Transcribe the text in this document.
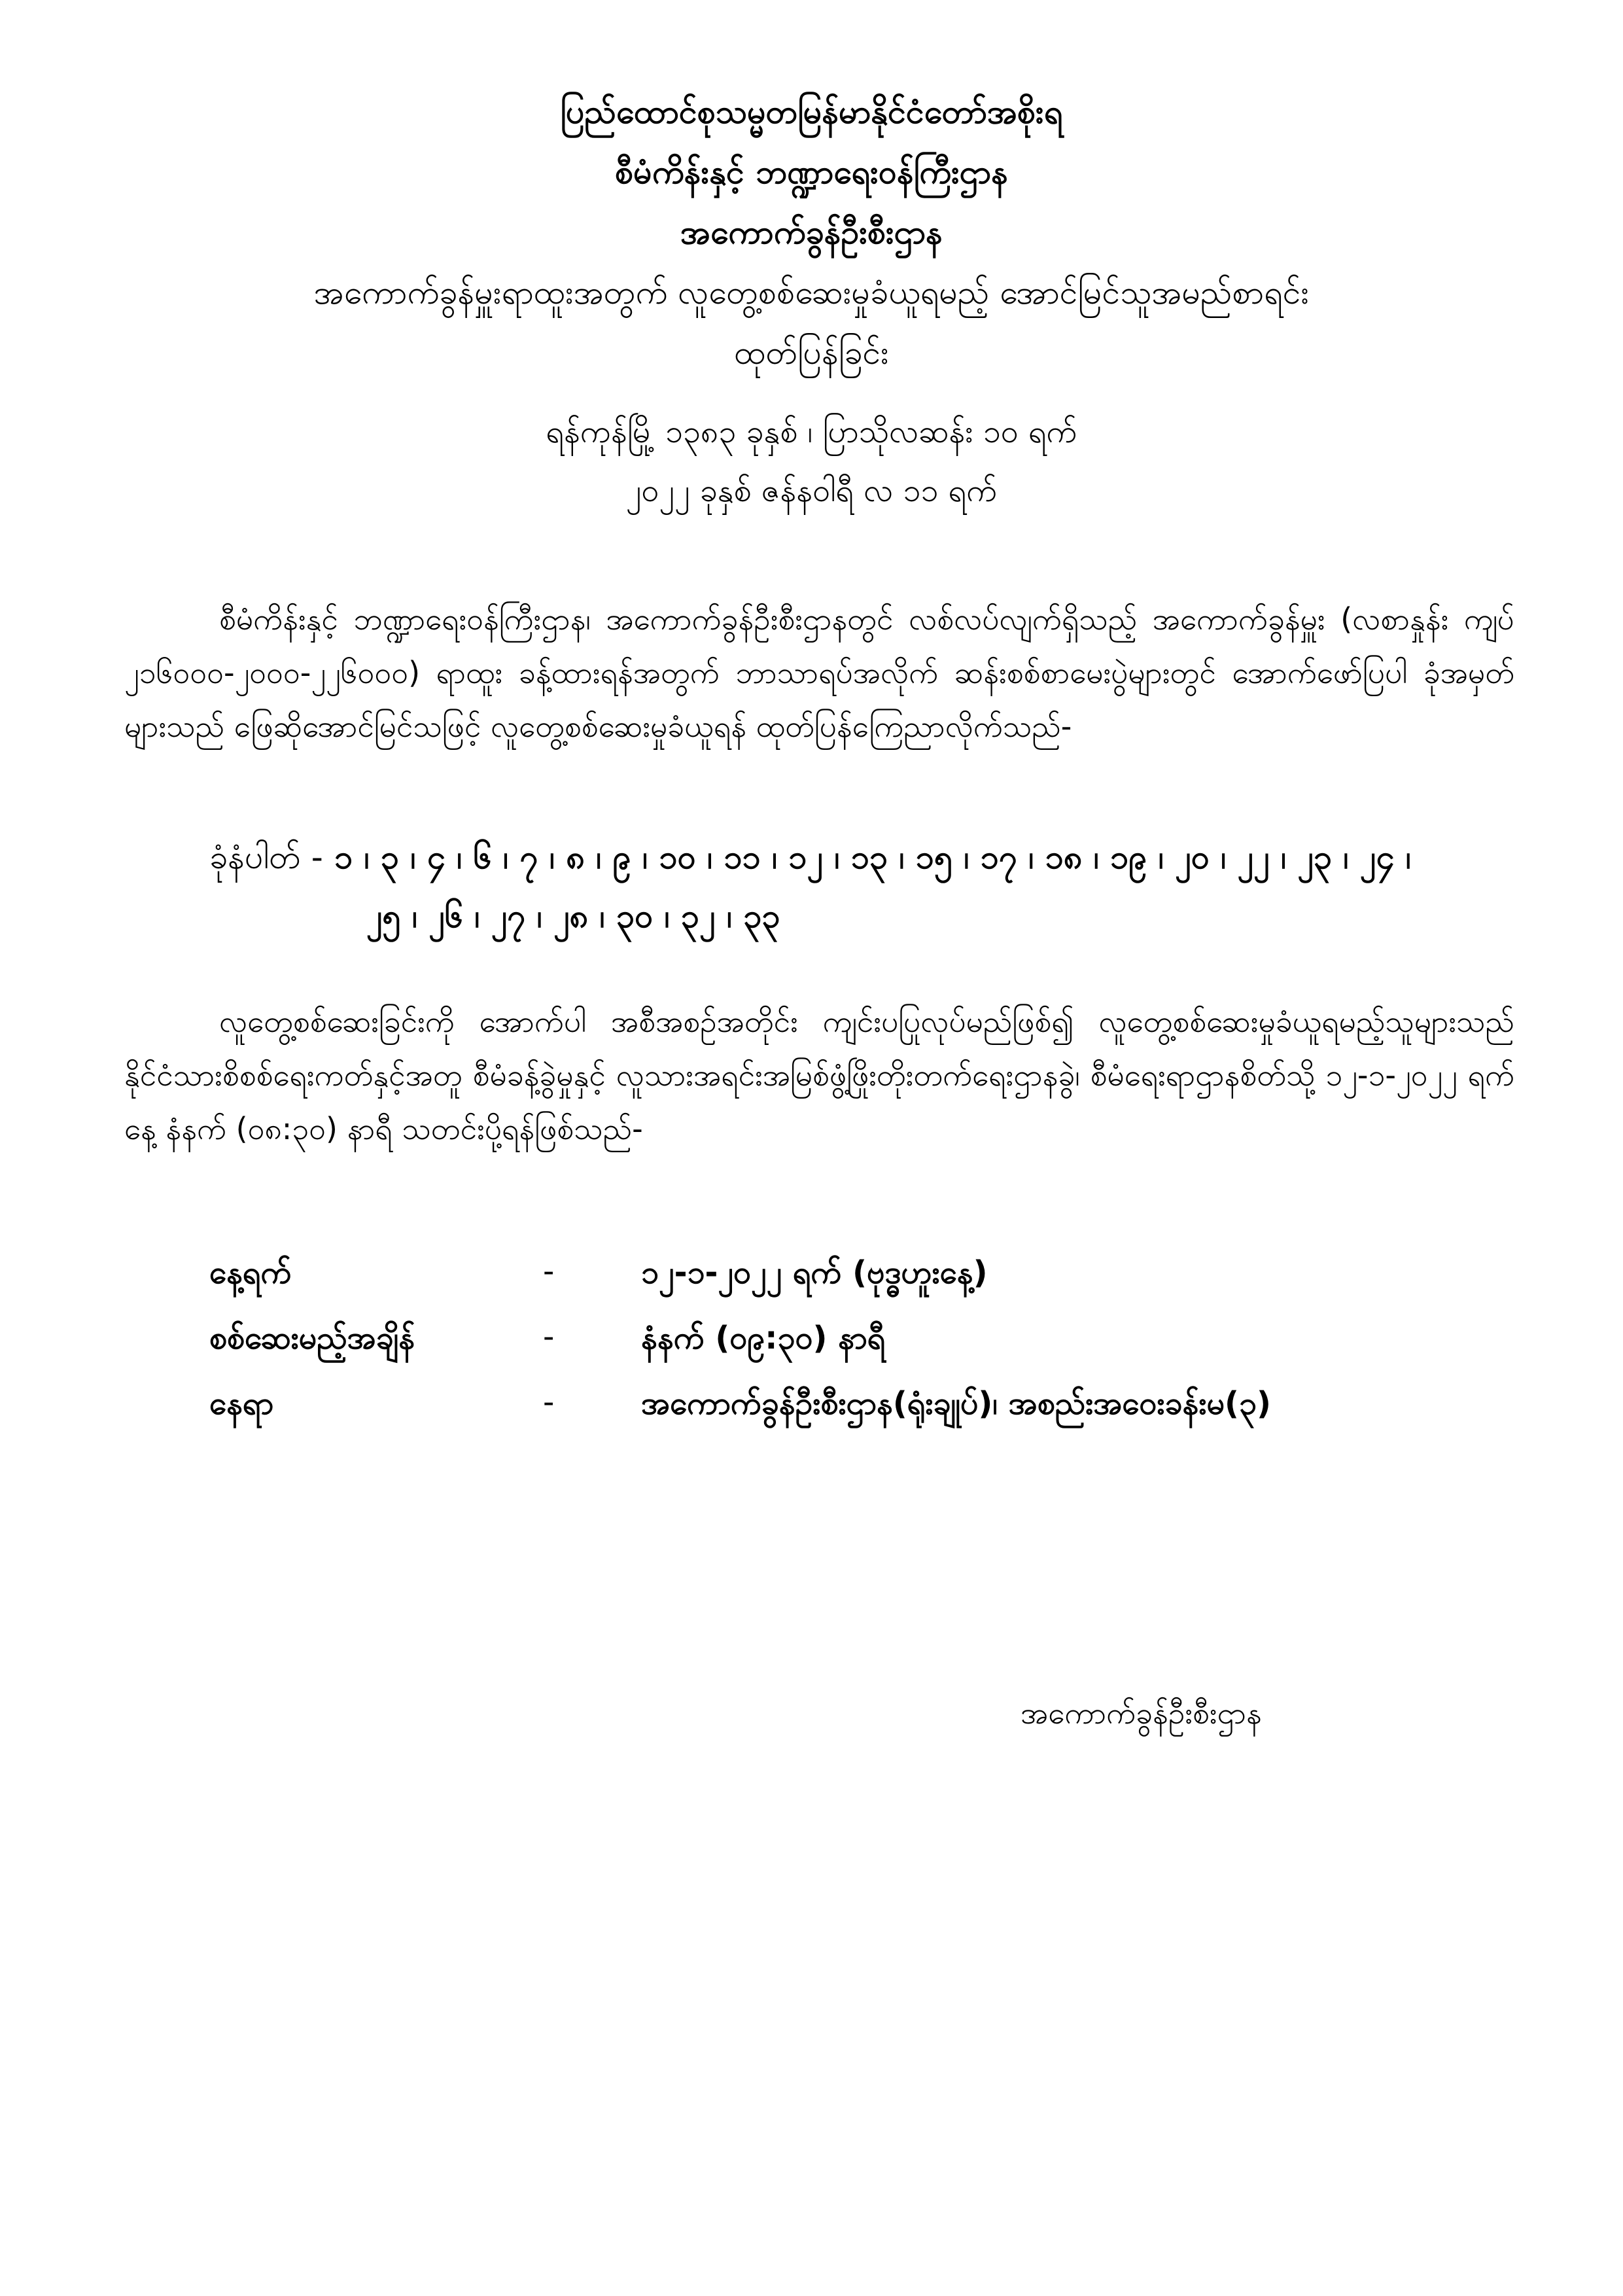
ပြည်ထောင်စုသမ္မတမြန်မာနိုင်ငံတော်အစိုးရ
စီမံကိန်းနှင့် ဘဏ္ဍာရေးဝန်ကြီးဌာန
အကောက်ခွန်ဦးစီးဌာန
အကောက်ခွန်မှူးရာထူးအတွက် လူတွေ့စစ်ဆေးမှုခံယူရမည့် အောင်မြင်သူအမည်စာရင်း
ထုတ်ပြန်ခြင်း
ရန်ကုန်မြို့ ၁၃၈၃ ခုနှစ် ၊ ပြာသိုလဆန်း ၁၀ ရက်
၂၀၂၂ ခုနှစ် ဇန်နဝါရီ လ ၁၁ ရက်

စီမံကိန်းနှင့် ဘဏ္ဍာရေးဝန်ကြီးဌာန၊ အကောက်ခွန်ဦးစီးဌာနတွင် လစ်လပ်လျက်ရှိသည့် အကောက်ခွန်မှူး (လစာနှုန်း ကျပ် ၂၁၆၀၀၀-၂၀၀၀-၂၂၆၀၀၀) ရာထူး ခန့်ထားရန်အတွက် ဘာသာရပ်အလိုက် ဆန်းစစ်စာမေးပွဲများတွင် အောက်ဖော်ပြပါ ခုံအမှတ်များသည် ဖြေဆိုအောင်မြင်သဖြင့် လူတွေ့စစ်ဆေးမှုခံယူရန် ထုတ်ပြန်ကြေညာလိုက်သည်-

ခုံနံပါတ် - ၁ ၊ ၃ ၊ ၄ ၊ ၆ ၊ ၇ ၊ ၈ ၊ ၉ ၊ ၁၀ ၊ ၁၁ ၊ ၁၂ ၊ ၁၃ ၊ ၁၅ ၊ ၁၇ ၊ ၁၈ ၊ ၁၉ ၊ ၂၀ ၊ ၂၂ ၊ ၂၃ ၊ ၂၄ ၊
၂၅ ၊ ၂၆ ၊ ၂၇ ၊ ၂၈ ၊ ၃၀ ၊ ၃၂ ၊ ၃၃

လူတွေ့စစ်ဆေးခြင်းကို အောက်ပါ အစီအစဉ်အတိုင်း ကျင်းပပြုလုပ်မည်ဖြစ်၍ လူတွေ့စစ်ဆေးမှုခံယူရမည့်သူများသည် နိုင်ငံသားစိစစ်ရေးကတ်နှင့်အတူ စီမံခန့်ခွဲမှုနှင့် လူသားအရင်းအမြစ်ဖွံ့ဖြိုးတိုးတက်ရေးဌာနခွဲ၊ စီမံရေးရာဌာနစိတ်သို့ ၁၂-၁-၂၀၂၂ ရက်နေ့ နံနက် (၀၈:၃၀) နာရီ သတင်းပို့ရန်ဖြစ်သည်-

နေ့ရက်	-	၁၂-၁-၂၀၂၂ ရက် (ဗုဒ္ဓဟူးနေ့)
စစ်ဆေးမည့်အချိန်	-	နံနက် (၀၉:၃၀) နာရီ
နေရာ	-	အကောက်ခွန်ဦးစီးဌာန(ရုံးချုပ်)၊ အစည်းအဝေးခန်းမ(၃)
အကောက်ခွန်ဦးစီးဌာန
